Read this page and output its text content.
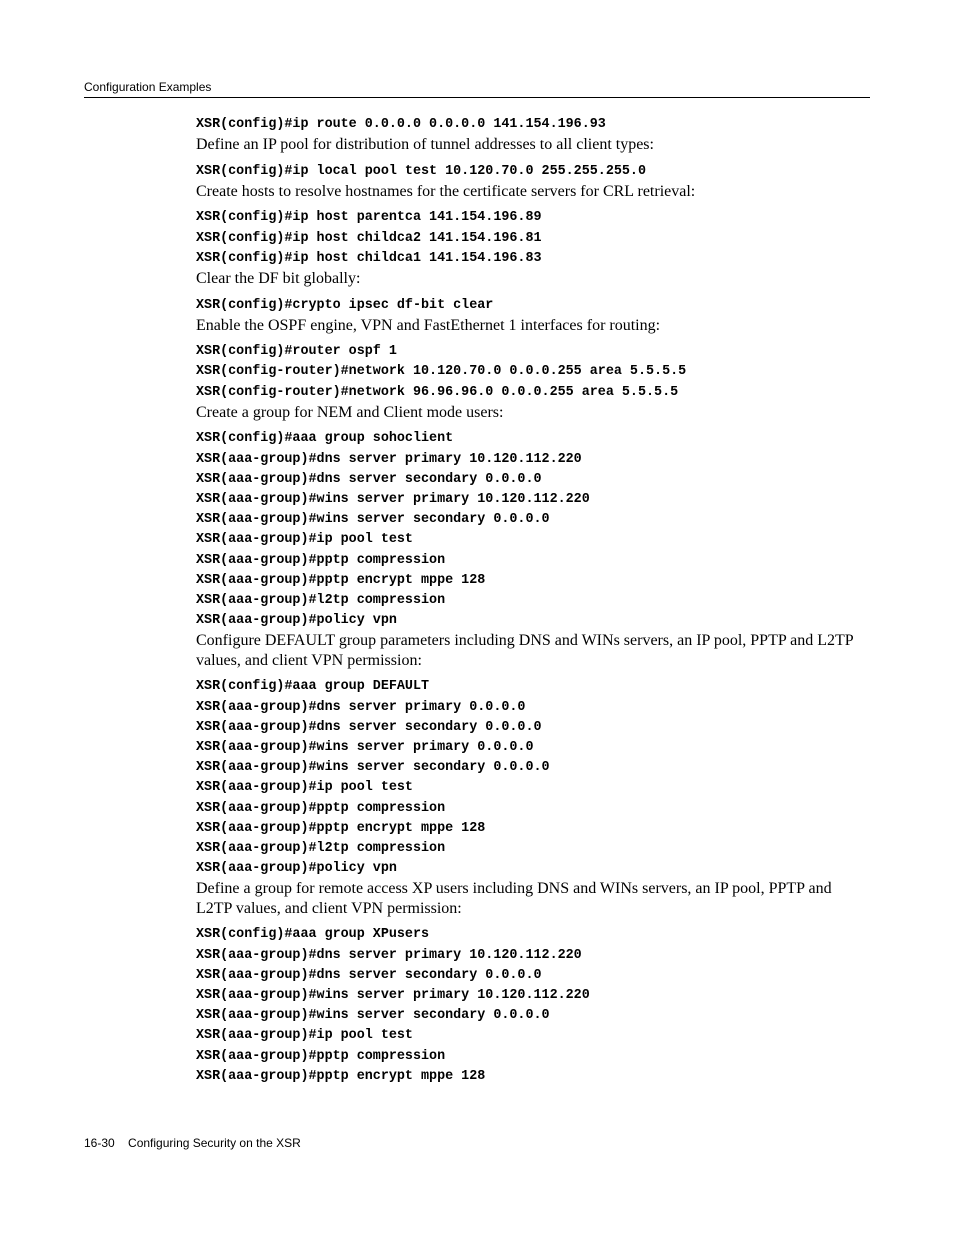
Configuration Examples
XSR(config)#ip route 0.0.0.0 0.0.0.0 141.154.196.93

Define an IP pool for distribution of tunnel addresses to all client types:

XSR(config)#ip local pool test 10.120.70.0 255.255.255.0

Create hosts to resolve hostnames for the certificate servers for CRL retrieval:

XSR(config)#ip host parentca 141.154.196.89
XSR(config)#ip host childca2 141.154.196.81
XSR(config)#ip host childca1 141.154.196.83

Clear the DF bit globally:

XSR(config)#crypto ipsec df-bit clear

Enable the OSPF engine, VPN and FastEthernet 1 interfaces for routing:

XSR(config)#router ospf 1
XSR(config-router)#network 10.120.70.0 0.0.0.255 area 5.5.5.5
XSR(config-router)#network 96.96.96.0 0.0.0.255 area 5.5.5.5

Create a group for NEM and Client mode users:

XSR(config)#aaa group sohoclient
XSR(aaa-group)#dns server primary 10.120.112.220
XSR(aaa-group)#dns server secondary 0.0.0.0
XSR(aaa-group)#wins server primary 10.120.112.220
XSR(aaa-group)#wins server secondary 0.0.0.0
XSR(aaa-group)#ip pool test
XSR(aaa-group)#pptp compression
XSR(aaa-group)#pptp encrypt mppe 128
XSR(aaa-group)#l2tp compression
XSR(aaa-group)#policy vpn

Configure DEFAULT group parameters including DNS and WINs servers, an IP pool, PPTP and L2TP values, and client VPN permission:

XSR(config)#aaa group DEFAULT
XSR(aaa-group)#dns server primary 0.0.0.0
XSR(aaa-group)#dns server secondary 0.0.0.0
XSR(aaa-group)#wins server primary 0.0.0.0
XSR(aaa-group)#wins server secondary 0.0.0.0
XSR(aaa-group)#ip pool test
XSR(aaa-group)#pptp compression
XSR(aaa-group)#pptp encrypt mppe 128
XSR(aaa-group)#l2tp compression
XSR(aaa-group)#policy vpn

Define a group for remote access XP users including DNS and WINs servers, an IP pool, PPTP and L2TP values, and client VPN permission:

XSR(config)#aaa group XPusers
XSR(aaa-group)#dns server primary 10.120.112.220
XSR(aaa-group)#dns server secondary 0.0.0.0
XSR(aaa-group)#wins server primary 10.120.112.220
XSR(aaa-group)#wins server secondary 0.0.0.0
XSR(aaa-group)#ip pool test
XSR(aaa-group)#pptp compression
XSR(aaa-group)#pptp encrypt mppe 128
16-30 Configuring Security on the XSR
